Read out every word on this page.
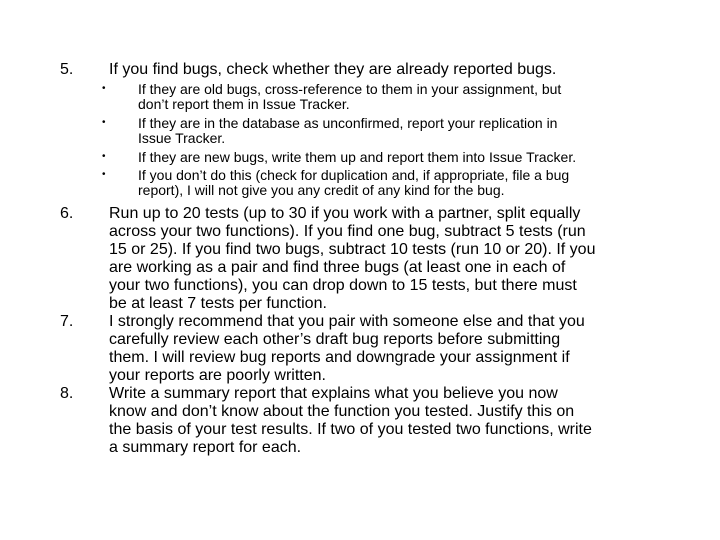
5.	If you find bugs, check whether they are already reported bugs.
• If they are old bugs, cross-reference to them in your assignment, but
don’t report them in Issue Tracker.
• If they are in the database as unconfirmed, report your replication in
Issue Tracker.
• If they are new bugs, write them up and report them into Issue Tracker.
• If you don’t do this (check for duplication and, if appropriate, file a bug
report), I will not give you any credit of any kind for the bug.
6.	Run up to 20 tests (up to 30 if you work with a partner, split equally
across your two functions). If you find one bug, subtract 5 tests (run
15 or 25). If you find two bugs, subtract 10 tests (run 10 or 20). If you
are working as a pair and find three bugs (at least one in each of
your two functions), you can drop down to 15 tests, but there must
be at least 7 tests per function.
7.	I strongly recommend that you pair with someone else and that you
carefully review each other’s draft bug reports before submitting
them. I will review bug reports and downgrade your assignment if
your reports are poorly written.
8.	Write a summary report that explains what you believe you now
know and don’t know about the function you tested. Justify this on
the basis of your test results. If two of you tested two functions, write
a summary report for each.
